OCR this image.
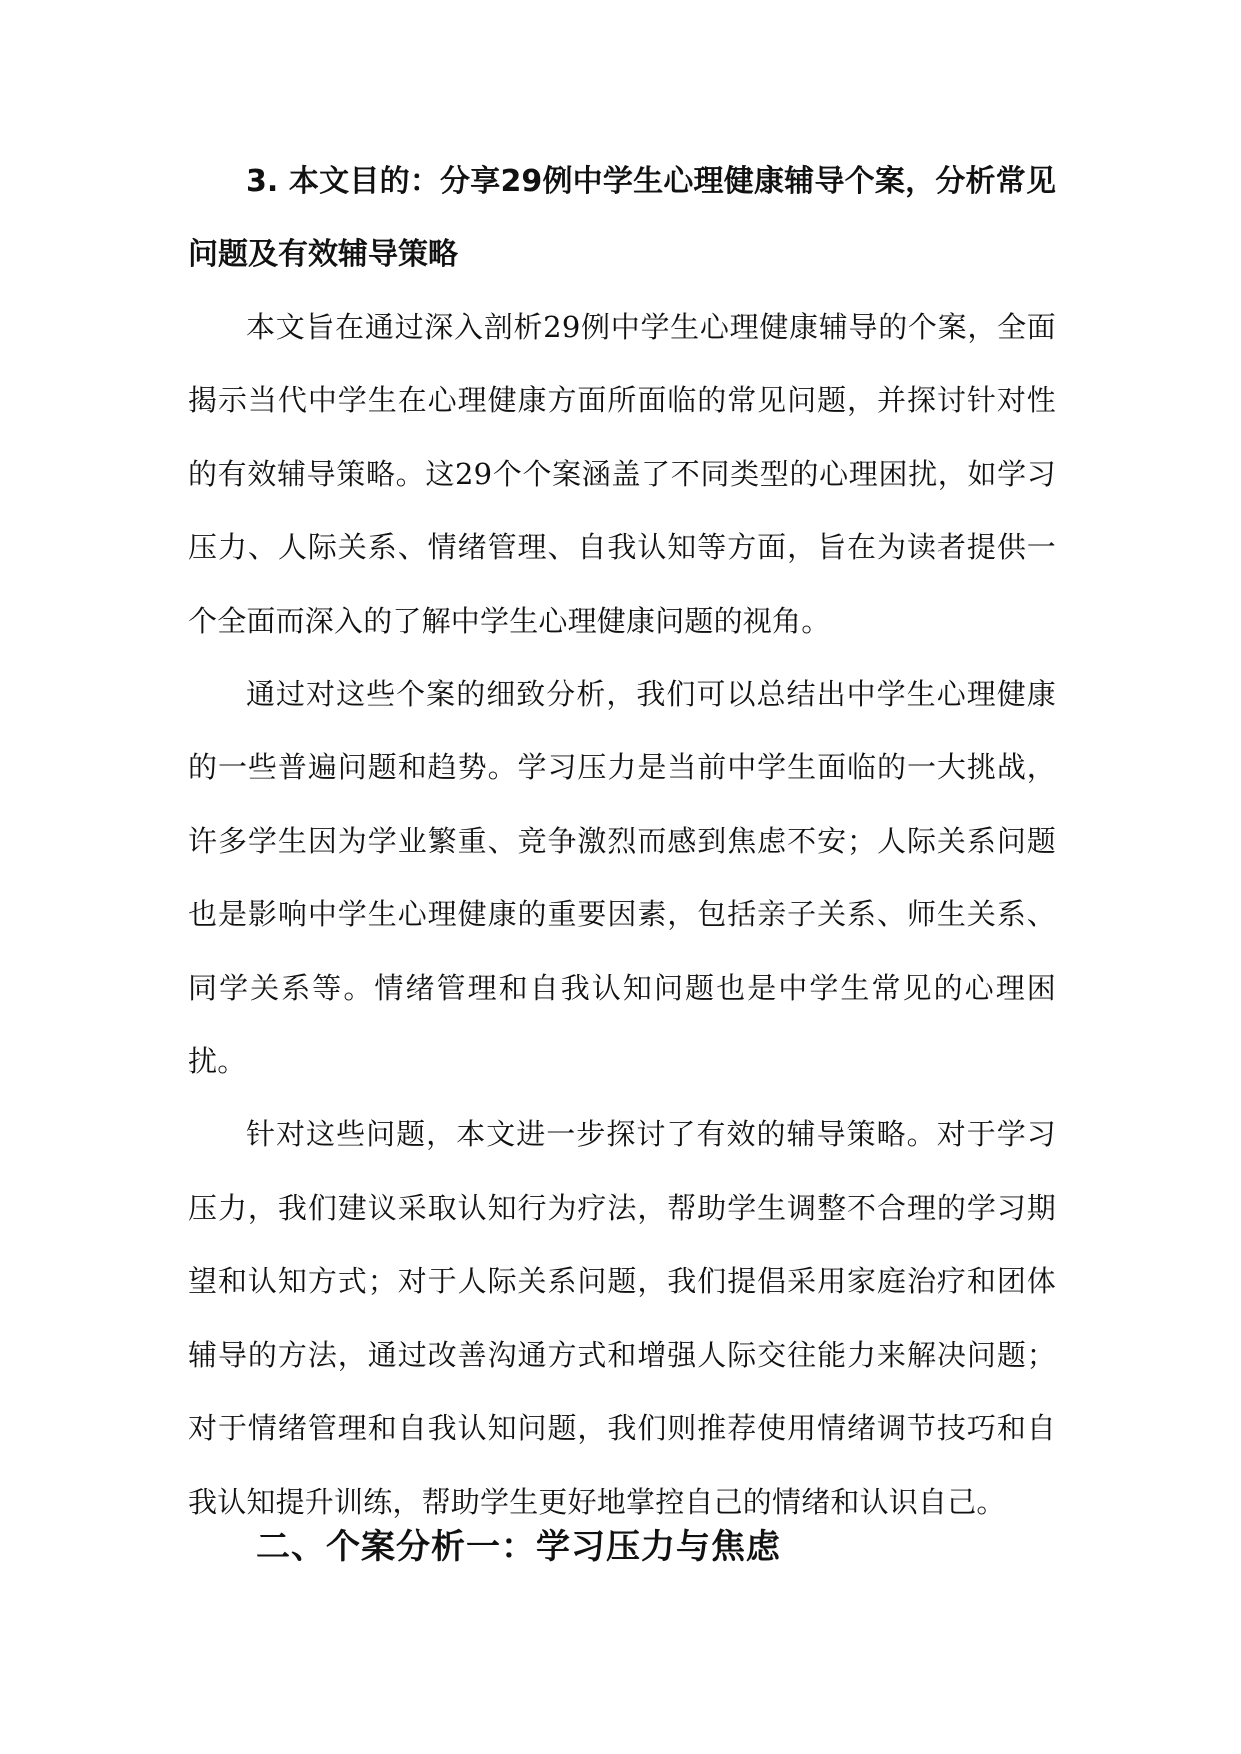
3. 本文目的：分享29例中学生心理健康辅导个案，分析常见问题及有效辅导策略

本文旨在通过深入剖析29例中学生心理健康辅导的个案，全面揭示当代中学生在心理健康方面所面临的常见问题，并探讨针对性的有效辅导策略。这29个个案涵盖了不同类型的心理困扰，如学习压力、人际关系、情绪管理、自我认知等方面，旨在为读者提供一个全面而深入的了解中学生心理健康问题的视角。

通过对这些个案的细致分析，我们可以总结出中学生心理健康的一些普遍问题和趋势。学习压力是当前中学生面临的一大挑战，许多学生因为学业繁重、竞争激烈而感到焦虑不安；人际关系问题也是影响中学生心理健康的重要因素，包括亲子关系、师生关系、同学关系等。情绪管理和自我认知问题也是中学生常见的心理困扰。

针对这些问题，本文进一步探讨了有效的辅导策略。对于学习压力，我们建议采取认知行为疗法，帮助学生调整不合理的学习期望和认知方式；对于人际关系问题，我们提倡采用家庭治疗和团体辅导的方法，通过改善沟通方式和增强人际交往能力来解决问题；对于情绪管理和自我认知问题，我们则推荐使用情绪调节技巧和自我认知提升训练，帮助学生更好地掌控自己的情绪和认识自己。

二、个案分析一：学习压力与焦虑
